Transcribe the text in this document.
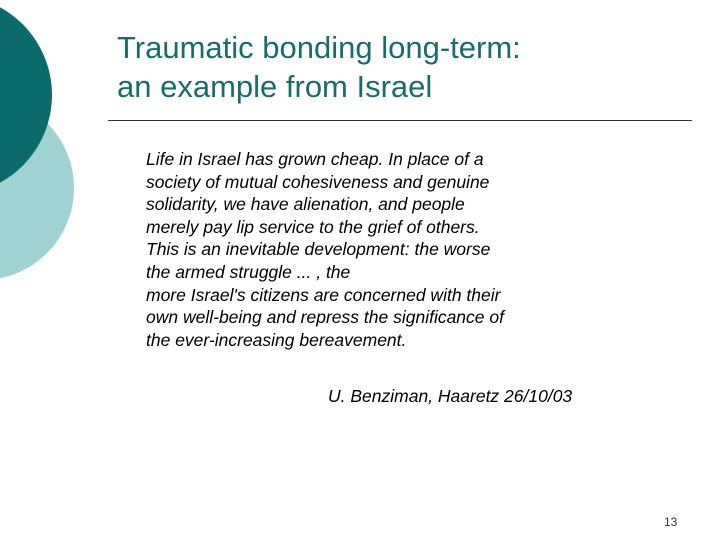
Traumatic bonding long-term:
an example from Israel
Life in Israel has grown cheap. In place of a
society of mutual cohesiveness and genuine
solidarity, we have alienation, and people
merely pay lip service to the grief of others.
This is an inevitable development: the worse
the armed struggle ... , the
more Israel's citizens are concerned with their
own well-being and repress the significance of
the ever-increasing bereavement.
U. Benziman, Haaretz 26/10/03
13
